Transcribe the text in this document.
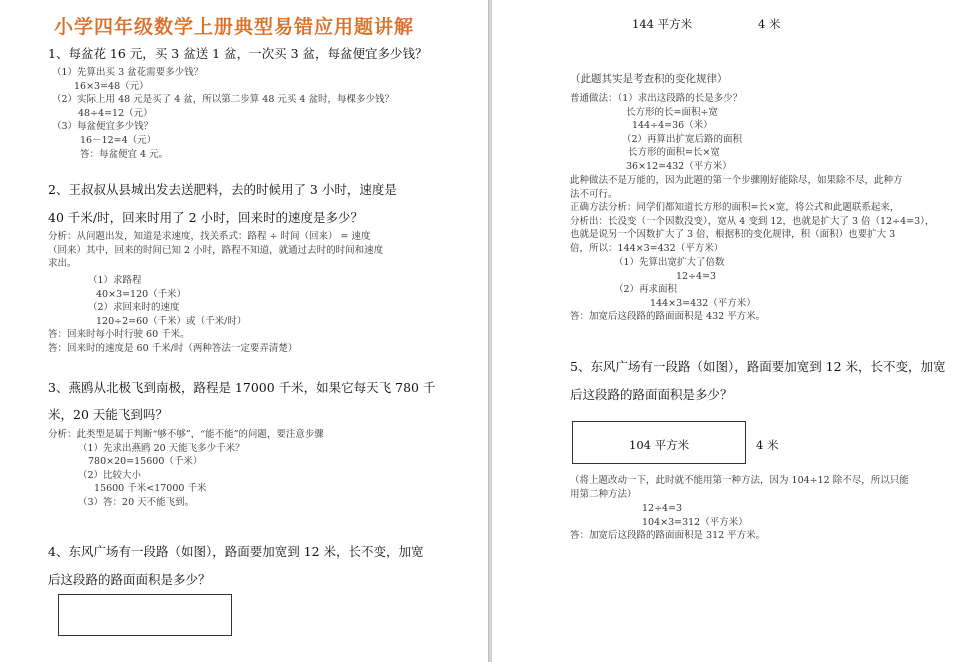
小学四年级数学上册典型易错应用题讲解
1、每盆花 16 元，买 3 盆送 1 盆，一次买 3 盆，每盆便宜多少钱？
（1）先算出买 3 盆花需要多少钱？
16×3=48（元）
（2）实际上用 48 元是买了 4 盆，所以第二步算 48 元买 4 盆时，每棵多少钱？
48÷4=12（元）
（3）每盆便宜多少钱？
16－12=4（元）
答：每盆便宜 4 元。
2、王叔叔从县城出发去送肥料，去的时候用了 3 小时，速度是
40 千米/时，回来时用了 2 小时，回来时的速度是多少？
分析：从问题出发，知道是求速度，找关系式：路程 ÷ 时间（回来） = 速度
（回来）其中，回来的时间已知 2 小时，路程不知道，就通过去时的时间和速度
求出。
（1）求路程
40×3=120（千米）
（2）求回来时的速度
120÷2=60（千米）或（千米/时）
答：回来时每小时行驶 60 千米。
答：回来时的速度是 60 千米/时（两种答法一定要弄清楚）
3、燕鸥从北极飞到南极，路程是 17000 千米，如果它每天飞 780 千
米，20 天能飞到吗？
分析：此类型是属于判断“够不够”，“能不能”的问题，要注意步骤
（1）先求出燕鸥 20 天能飞多少千米？
780×20=15600（千米）
（2）比较大小
15600 千米<17000 千米
（3）答：20 天不能飞到。
4、东风广场有一段路（如图），路面要加宽到 12 米，长不变，加宽
后这段路的路面面积是多少？
144 平方米	4 米
（此题其实是考查积的变化规律）
普通做法：（1）求出这段路的长是多少？
长方形的长=面积÷宽
144÷4=36（米）
（2）再算出扩宽后路的面积
长方形的面积=长×宽
36×12=432（平方米）
此种做法不是万能的，因为此题的第一个步骤刚好能除尽，如果除不尽，此种方
法不可行。
正确方法分析：同学们都知道长方形的面积=长×宽，将公式和此题联系起来，
分析出：长没变（一个因数没变），宽从 4 变到 12，也就是扩大了 3 倍（12÷4=3），
也就是说另一个因数扩大了 3 倍，根据积的变化规律，积（面积）也要扩大 3
倍，所以：144×3=432（平方米）
（1）先算出宽扩大了倍数
12÷4=3
（2）再求面积
144×3=432（平方米）
答：加宽后这段路的路面面积是 432 平方米。
5、东风广场有一段路（如图），路面要加宽到 12 米，长不变，加宽
后这段路的路面面积是多少？
104 平方米	4 米
（将上题改动一下，此时就不能用第一种方法，因为 104÷12 除不尽，所以只能
用第二种方法）
12÷4=3
104×3=312（平方米）
答：加宽后这段路的路面面积是 312 平方米。
